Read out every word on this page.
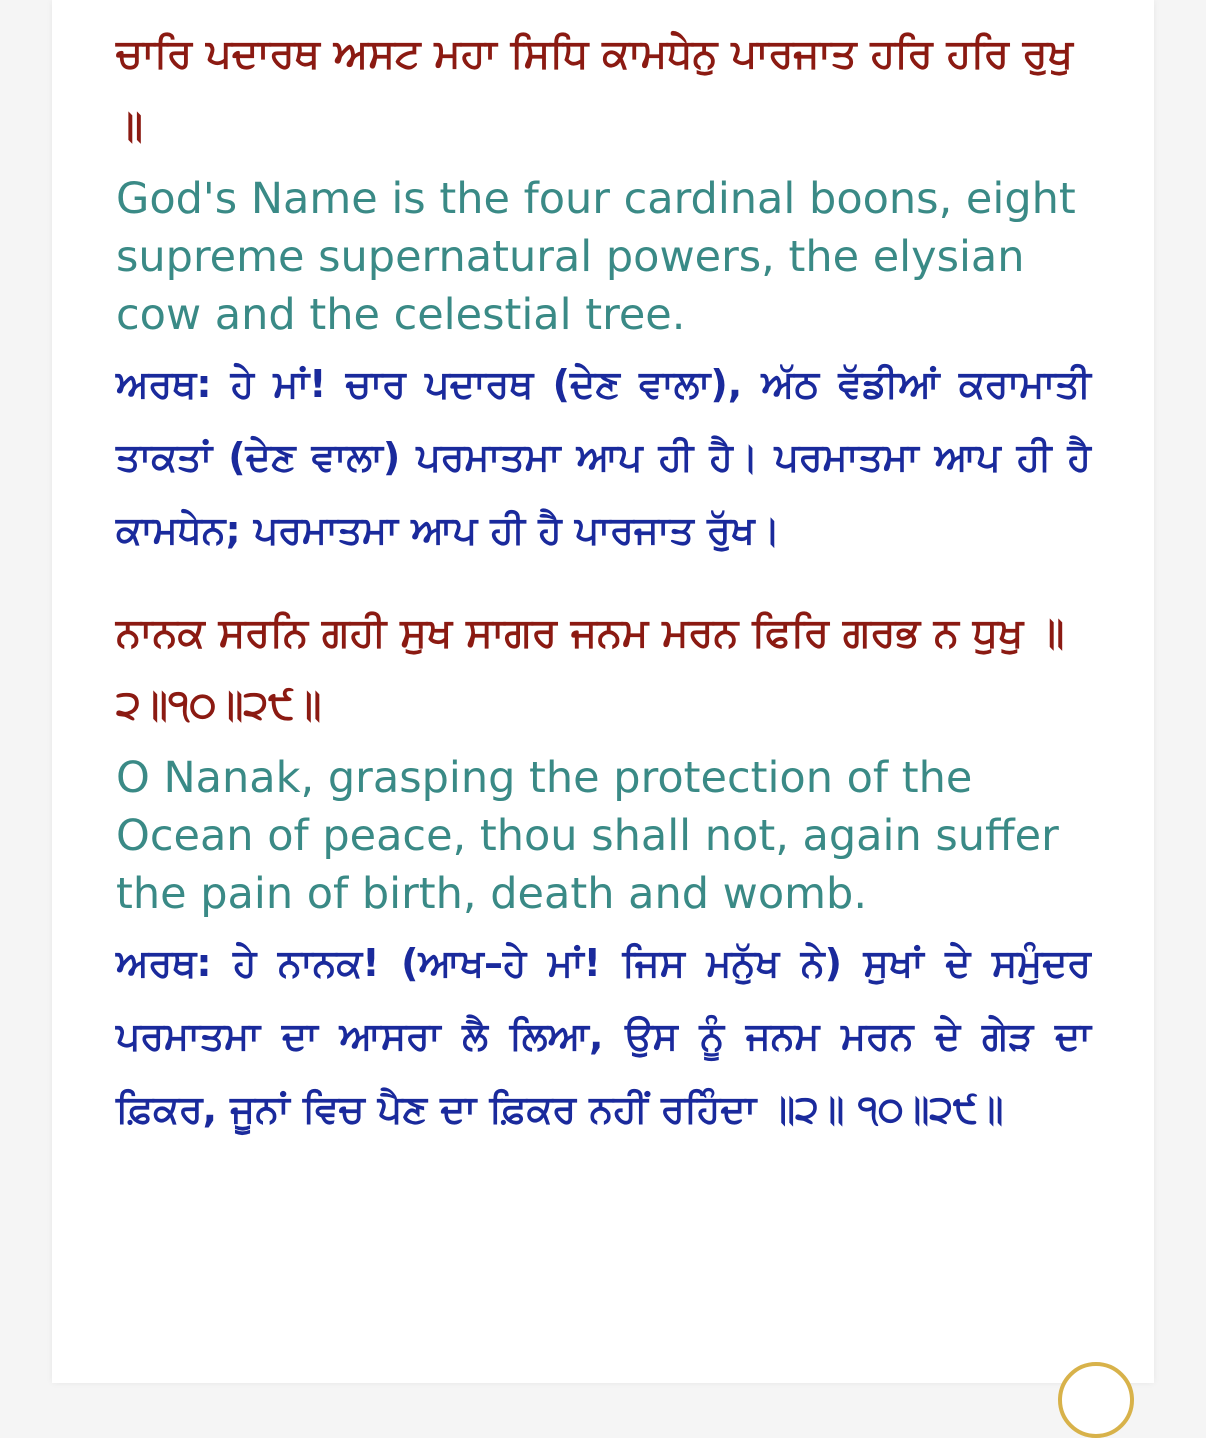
ਚਾਰਿ ਪਦਾਰਥ ਅਸਟ ਮਹਾ ਸਿਧਿ ਕਾਮਧੇਨੁ ਪਾਰਜਾਤ ਹਰਿ ਹਰਿ ਰੁਖੁ ॥

God's Name is the four cardinal boons, eight supreme supernatural powers, the elysian cow and the celestial tree.

ਅਰਥ: ਹੇ ਮਾਂ! ਚਾਰ ਪਦਾਰਥ (ਦੇਣ ਵਾਲਾ), ਅੱਠ ਵੱਡੀਆਂ ਕਰਾਮਾਤੀ ਤਾਕਤਾਂ (ਦੇਣ ਵਾਲਾ) ਪਰਮਾਤਮਾ ਆਪ ਹੀ ਹੈ। ਪਰਮਾਤਮਾ ਆਪ ਹੀ ਹੈ ਕਾਮਧੇਨ; ਪਰਮਾਤਮਾ ਆਪ ਹੀ ਹੈ ਪਾਰਜਾਤ ਰੁੱਖ।

ਨਾਨਕ ਸਰਨਿ ਗਹੀ ਸੁਖ ਸਾਗਰ ਜਨਮ ਮਰਨ ਫਿਰਿ ਗਰਭ ਨ ਧੁਖੁ ॥੨॥੧੦॥੨੯॥

O Nanak, grasping the protection of the Ocean of peace, thou shall not, again suffer the pain of birth, death and womb.

ਅਰਥ: ਹੇ ਨਾਨਕ! (ਆਖ–ਹੇ ਮਾਂ! ਜਿਸ ਮਨੁੱਖ ਨੇ) ਸੁਖਾਂ ਦੇ ਸਮੁੰਦਰ ਪਰਮਾਤਮਾ ਦਾ ਆਸਰਾ ਲੈ ਲਿਆ, ਉਸ ਨੂੰ ਜਨਮ ਮਰਨ ਦੇ ਗੇੜ ਦਾ ਫ਼ਿਕਰ, ਜੂਨਾਂ ਵਿਚ ਪੈਣ ਦਾ ਫ਼ਿਕਰ ਨਹੀਂ ਰਹਿੰਦਾ ॥੨॥ ੧੦॥੨੯॥
